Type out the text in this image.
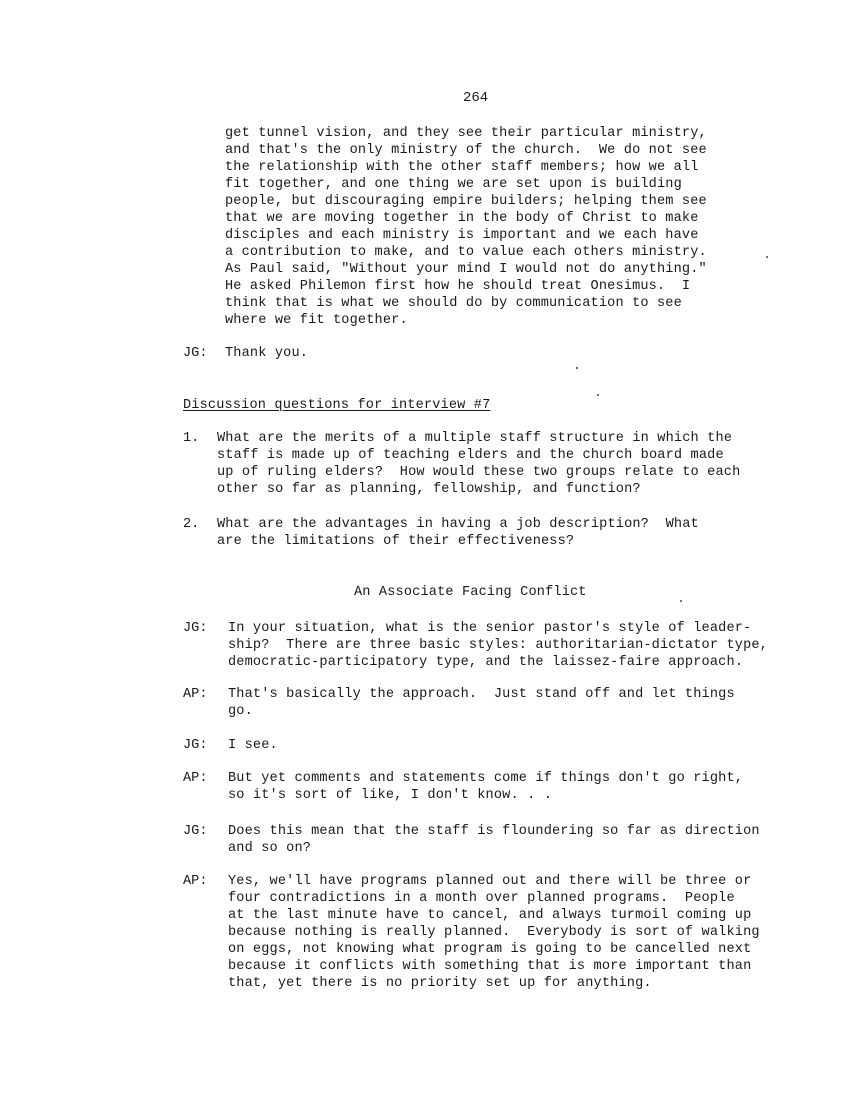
264
get tunnel vision, and they see their particular ministry,
and that's the only ministry of the church.  We do not see
the relationship with the other staff members; how we all
fit together, and one thing we are set upon is building
people, but discouraging empire builders; helping them see
that we are moving together in the body of Christ to make
disciples and each ministry is important and we each have
a contribution to make, and to value each others ministry.
As Paul said, "Without your mind I would not do anything."
He asked Philemon first how he should treat Onesimus.  I
think that is what we should do by communication to see
where we fit together.
JG: Thank you.
Discussion questions for interview #7
1. What are the merits of a multiple staff structure in which the
staff is made up of teaching elders and the church board made
up of ruling elders?  How would these two groups relate to each
other so far as planning, fellowship, and function?
2. What are the advantages in having a job description?  What
are the limitations of their effectiveness?
An Associate Facing Conflict
JG: In your situation, what is the senior pastor's style of leader-
ship?  There are three basic styles: authoritarian-dictator type,
democratic-participatory type, and the laissez-faire approach.
AP: That's basically the approach.  Just stand off and let things
go.
JG: I see.
AP: But yet comments and statements come if things don't go right,
so it's sort of like, I don't know. . .
JG: Does this mean that the staff is floundering so far as direction
and so on?
AP: Yes, we'll have programs planned out and there will be three or
four contradictions in a month over planned programs.  People
at the last minute have to cancel, and always turmoil coming up
because nothing is really planned.  Everybody is sort of walking
on eggs, not knowing what program is going to be cancelled next
because it conflicts with something that is more important than
that, yet there is no priority set up for anything.
